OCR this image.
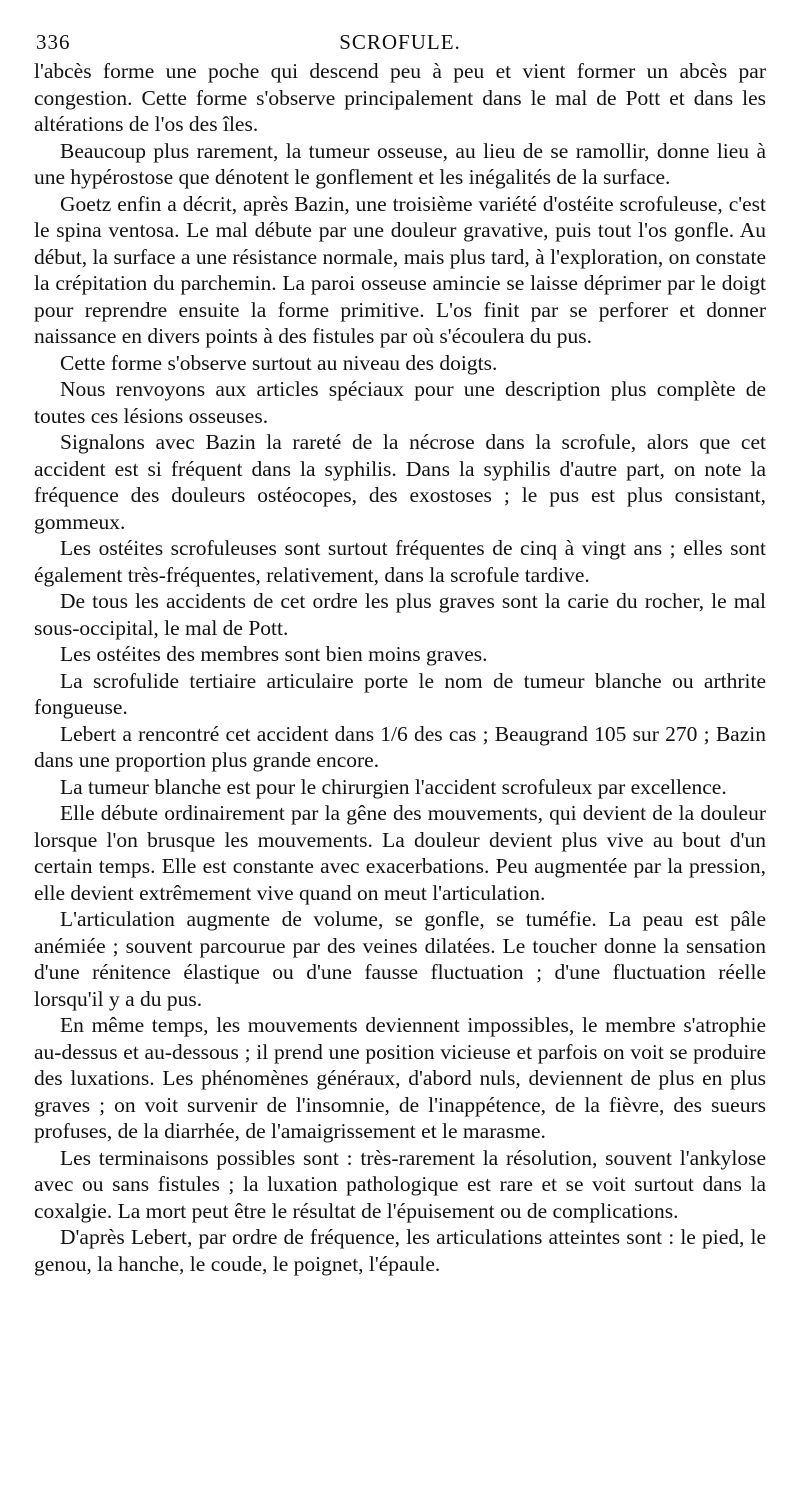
336	SCROFULE.

l'abcès forme une poche qui descend peu à peu et vient former un abcès par congestion. Cette forme s'observe principalement dans le mal de Pott et dans les altérations de l'os des îles.

Beaucoup plus rarement, la tumeur osseuse, au lieu de se ramollir, donne lieu à une hypérostose que dénotent le gonflement et les inégalités de la surface.

Goetz enfin a décrit, après Bazin, une troisième variété d'ostéite scrofuleuse, c'est le spina ventosa. Le mal débute par une douleur gravative, puis tout l'os gonfle. Au début, la surface a une résistance normale, mais plus tard, à l'exploration, on constate la crépitation du parchemin. La paroi osseuse amincie se laisse déprimer par le doigt pour reprendre ensuite la forme primitive. L'os finit par se perforer et donner naissance en divers points à des fistules par où s'écoulera du pus.

Cette forme s'observe surtout au niveau des doigts.

Nous renvoyons aux articles spéciaux pour une description plus complète de toutes ces lésions osseuses.

Signalons avec Bazin la rareté de la nécrose dans la scrofule, alors que cet accident est si fréquent dans la syphilis. Dans la syphilis d'autre part, on note la fréquence des douleurs ostéocopes, des exostoses ; le pus est plus consistant, gommeux.

Les ostéites scrofuleuses sont surtout fréquentes de cinq à vingt ans ; elles sont également très-fréquentes, relativement, dans la scrofule tardive.

De tous les accidents de cet ordre les plus graves sont la carie du rocher, le mal sous-occipital, le mal de Pott.

Les ostéites des membres sont bien moins graves.

La scrofulide tertiaire articulaire porte le nom de tumeur blanche ou arthrite fongueuse.

Lebert a rencontré cet accident dans 1/6 des cas ; Beaugrand 105 sur 270 ; Bazin dans une proportion plus grande encore.

La tumeur blanche est pour le chirurgien l'accident scrofuleux par excellence.

Elle débute ordinairement par la gêne des mouvements, qui devient de la douleur lorsque l'on brusque les mouvements. La douleur devient plus vive au bout d'un certain temps. Elle est constante avec exacerbations. Peu augmentée par la pression, elle devient extrêmement vive quand on meut l'articulation.

L'articulation augmente de volume, se gonfle, se tuméfie. La peau est pâle anémiée ; souvent parcourue par des veines dilatées. Le toucher donne la sensation d'une rénitence élastique ou d'une fausse fluctuation ; d'une fluctuation réelle lorsqu'il y a du pus.

En même temps, les mouvements deviennent impossibles, le membre s'atrophie au-dessus et au-dessous ; il prend une position vicieuse et parfois on voit se produire des luxations. Les phénomènes généraux, d'abord nuls, deviennent de plus en plus graves ; on voit survenir de l'insomnie, de l'inappétence, de la fièvre, des sueurs profuses, de la diarrhée, de l'amaigrissement et le marasme.

Les terminaisons possibles sont : très-rarement la résolution, souvent l'ankylose avec ou sans fistules ; la luxation pathologique est rare et se voit surtout dans la coxalgie. La mort peut être le résultat de l'épuisement ou de complications.

D'après Lebert, par ordre de fréquence, les articulations atteintes sont : le pied, le genou, la hanche, le coude, le poignet, l'épaule.
